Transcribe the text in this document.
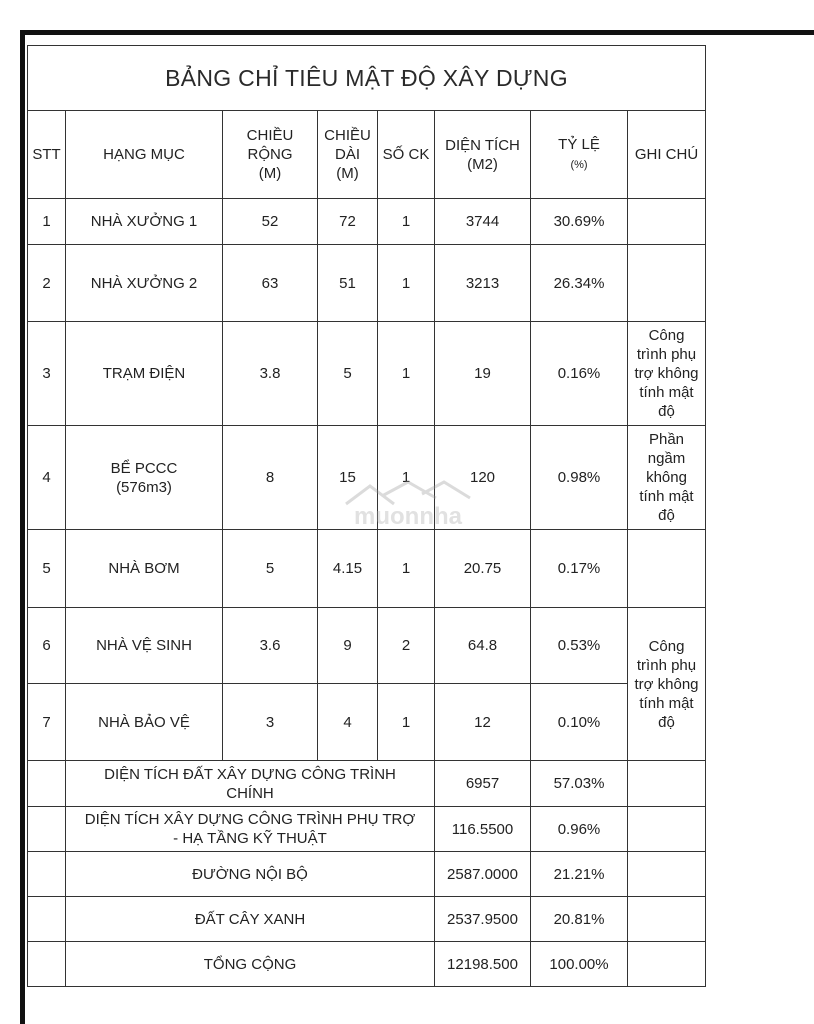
BẢNG CHỈ TIÊU MẬT ĐỘ XÂY DỰNG							
STT	HẠNG MỤC	CHIỀU
RỘNG
(M)	CHIỀU
DÀI
(M)	SỐ CK	DIỆN TÍCH
(M2)	TỶ LỆ
(%)	GHI CHÚ
1	NHÀ XƯỞNG 1	52	72	1	3744	30.69%	
2	NHÀ XƯỞNG 2	63	51	1	3213	26.34%	
3	TRẠM ĐIỆN	3.8	5	1	19	0.16%	Công
trình phụ
trợ không
tính mật
độ
4	BỂ PCCC
(576m3)	8	15	1	120	0.98%	Phần
ngầm
không
tính mật
độ
5	NHÀ BƠM	5	4.15	1	20.75	0.17%	
6	NHÀ VỆ SINH	3.6	9	2	64.8	0.53%	Công
trình phụ
trợ không
tính mật
độ
7	NHÀ BẢO VỆ	3	4	1	12	0.10%	
	DIỆN TÍCH ĐẤT XÂY DỰNG CÔNG TRÌNH
CHÍNH				6957	57.03%	
	DIỆN TÍCH XÂY DỰNG CÔNG TRÌNH PHỤ TRỢ
- HẠ TẦNG KỸ THUẬT				116.5500	0.96%	
	ĐƯỜNG NỘI BỘ				2587.0000	21.21%	
	ĐẤT CÂY XANH				2537.9500	20.81%	
	TỔNG CỘNG				12198.500	100.00%	
muonnha
